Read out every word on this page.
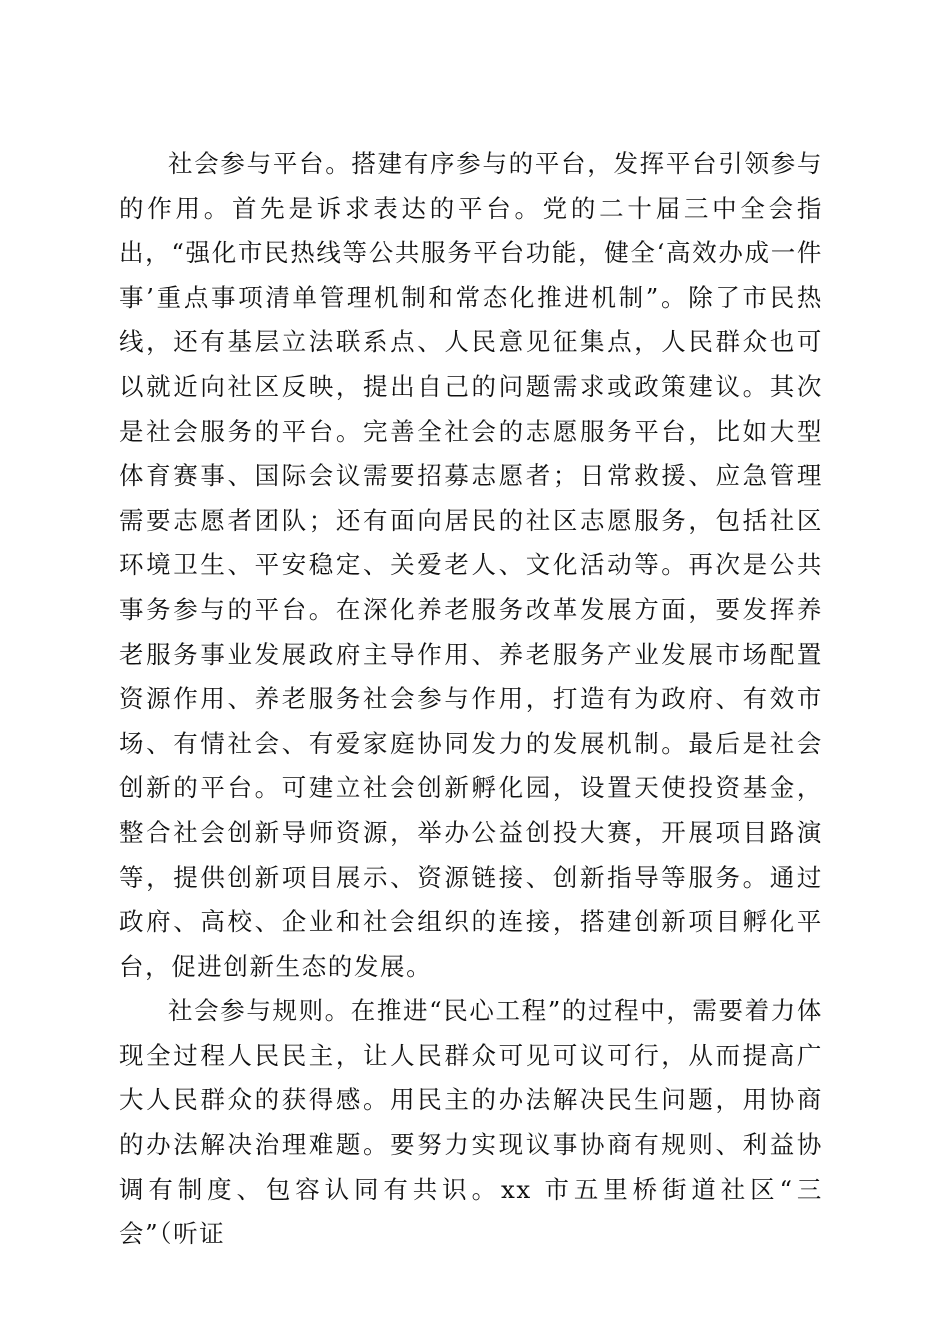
社会参与平台。搭建有序参与的平台，发挥平台引领参与的作用。首先是诉求表达的平台。党的二十届三中全会指出，“强化市民热线等公共服务平台功能，健全‘高效办成一件事’重点事项清单管理机制和常态化推进机制”。除了市民热线，还有基层立法联系点、人民意见征集点，人民群众也可以就近向社区反映，提出自己的问题需求或政策建议。其次是社会服务的平台。完善全社会的志愿服务平台，比如大型体育赛事、国际会议需要招募志愿者；日常救援、应急管理需要志愿者团队；还有面向居民的社区志愿服务，包括社区环境卫生、平安稳定、关爱老人、文化活动等。再次是公共事务参与的平台。在深化养老服务改革发展方面，要发挥养老服务事业发展政府主导作用、养老服务产业发展市场配置资源作用、养老服务社会参与作用，打造有为政府、有效市场、有情社会、有爱家庭协同发力的发展机制。最后是社会创新的平台。可建立社会创新孵化园，设置天使投资基金，整合社会创新导师资源，举办公益创投大赛，开展项目路演等，提供创新项目展示、资源链接、创新指导等服务。通过政府、高校、企业和社会组织的连接，搭建创新项目孵化平台，促进创新生态的发展。

社会参与规则。在推进“民心工程”的过程中，需要着力体现全过程人民民主，让人民群众可见可议可行，从而提高广大人民群众的获得感。用民主的办法解决民生问题，用协商的办法解决治理难题。要努力实现议事协商有规则、利益协调有制度、包容认同有共识。xx 市五里桥街道社区“三会”（听证
